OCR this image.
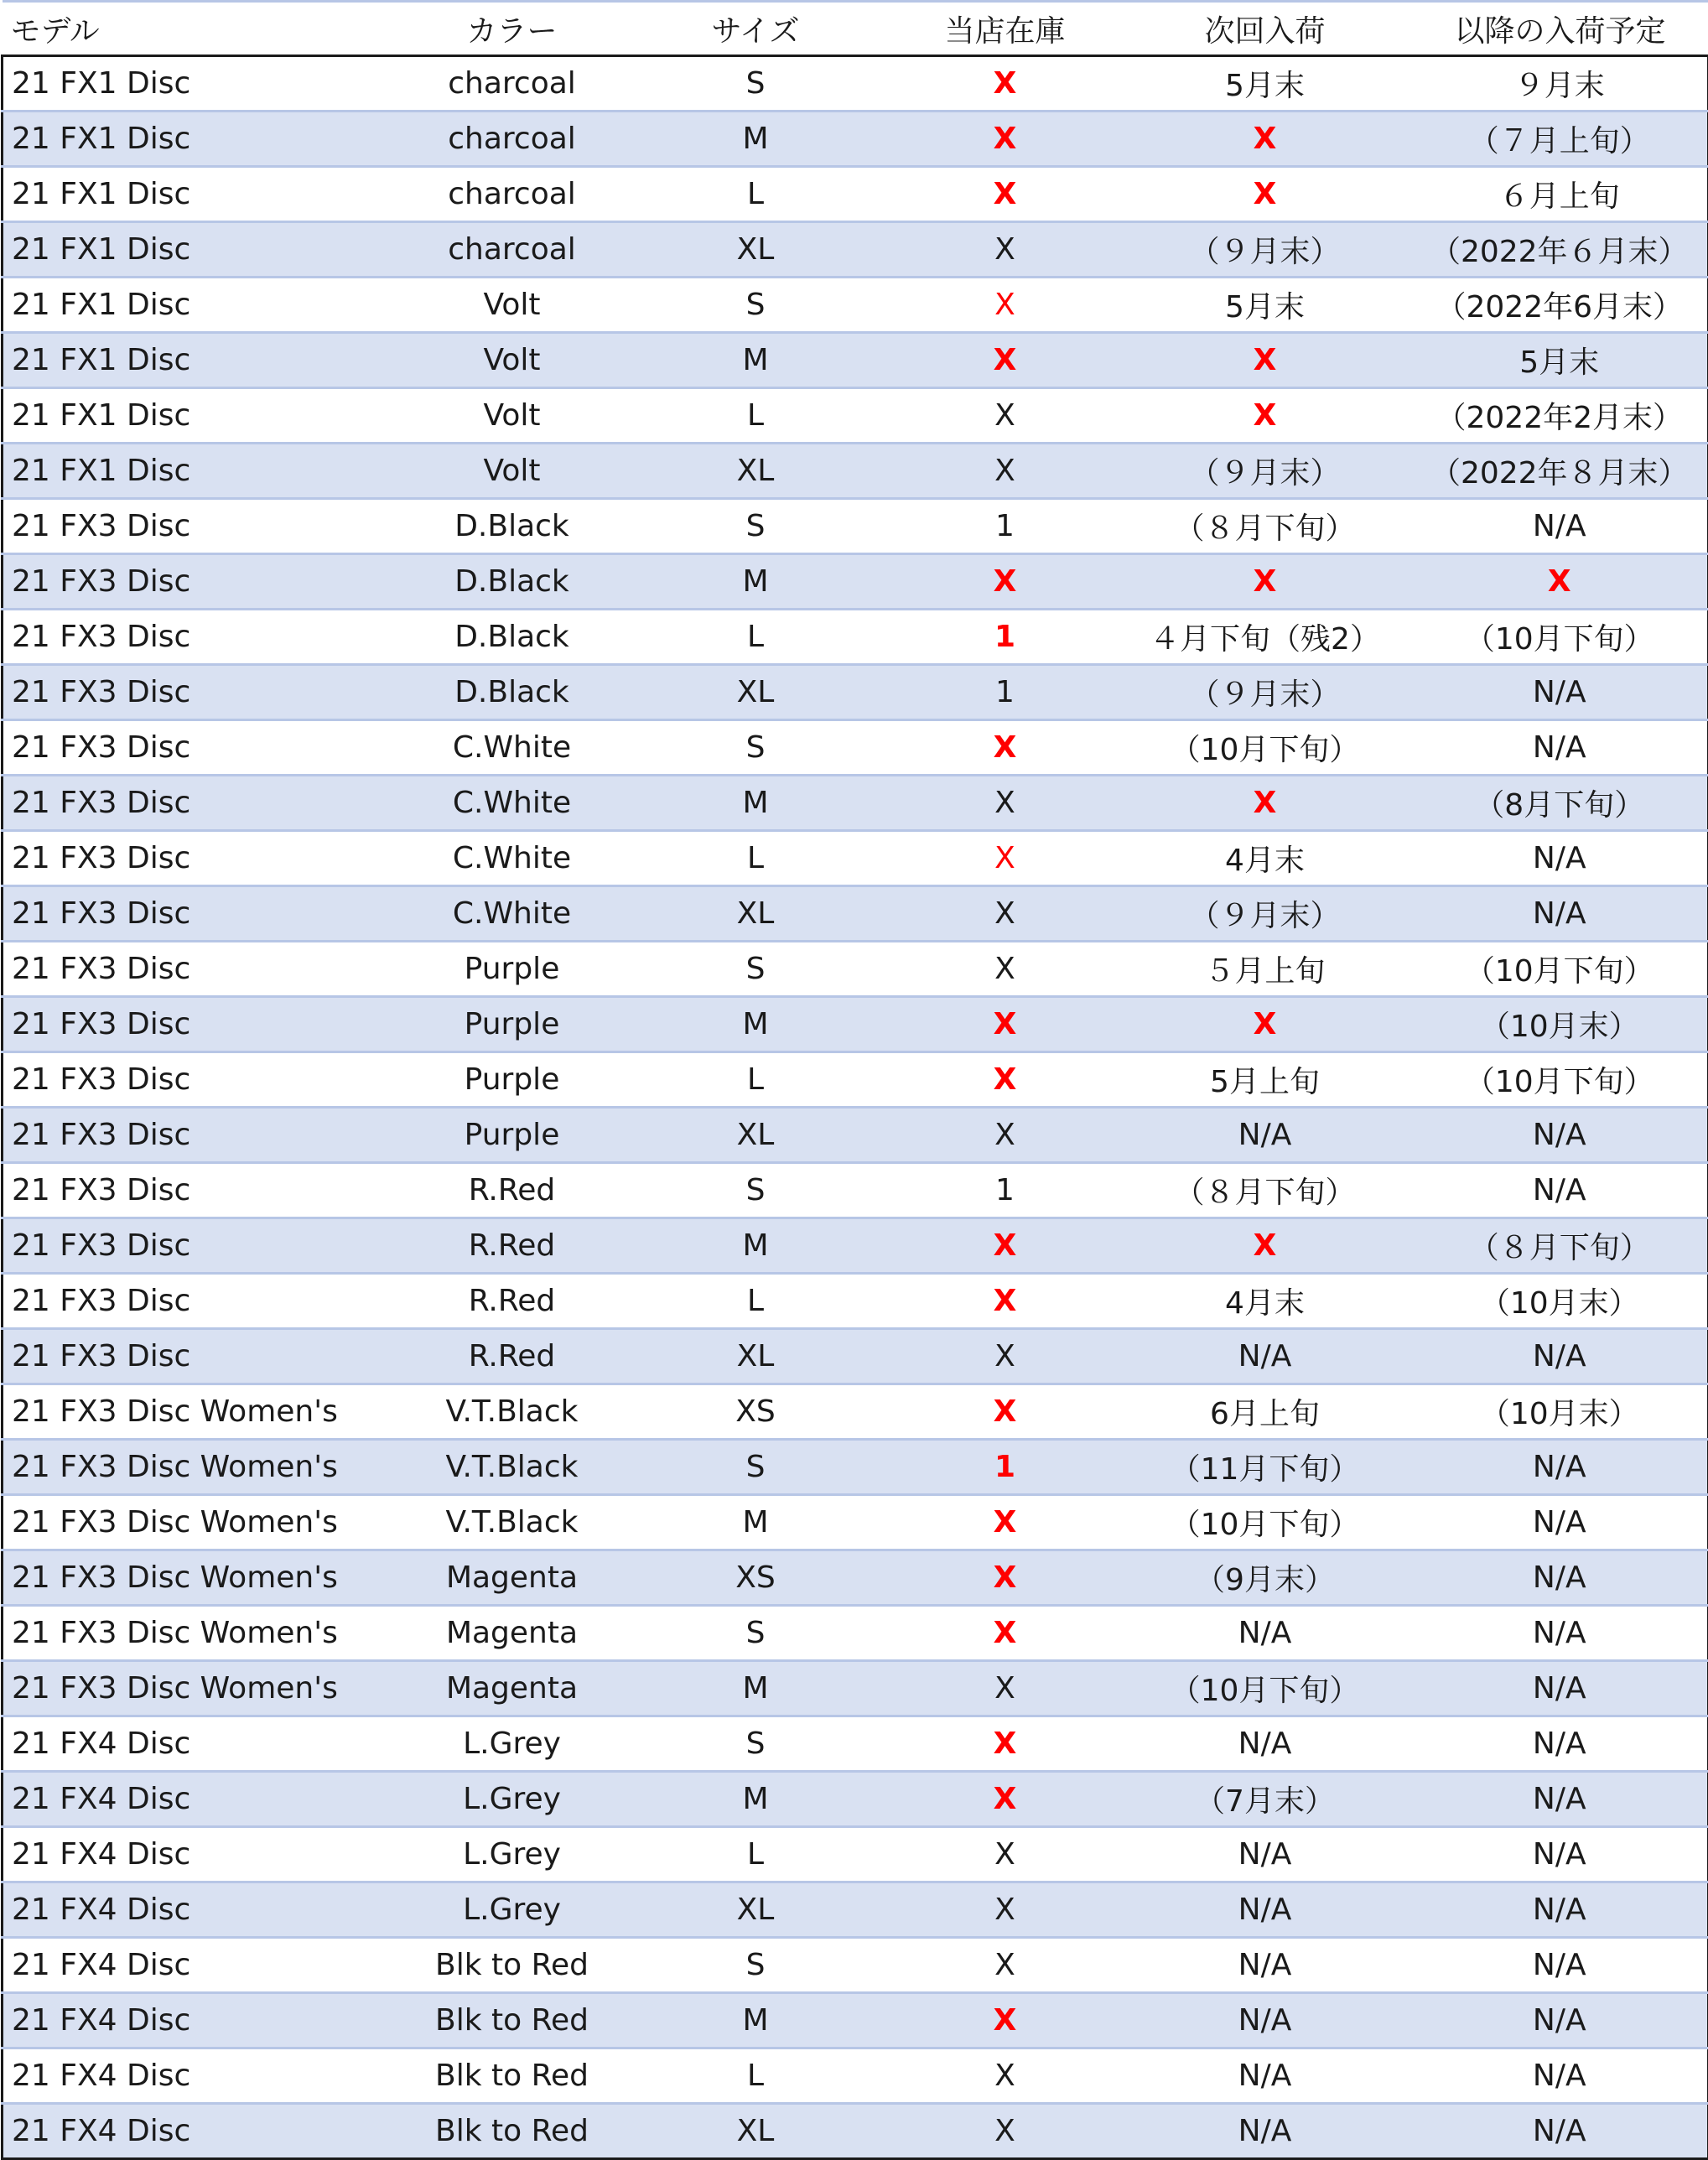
モデル	カラー	サイズ	当店在庫	次回入荷	以降の入荷予定
21 FX1 Disc	charcoal	S	X	5月末	９月末
21 FX1 Disc	charcoal	M	X	X	（７月上旬）
21 FX1 Disc	charcoal	L	X	X	６月上旬
21 FX1 Disc	charcoal	XL	X	（９月末）	（2022年６月末）
21 FX1 Disc	Volt	S	X	5月末	（2022年6月末）
21 FX1 Disc	Volt	M	X	X	5月末
21 FX1 Disc	Volt	L	X	X	（2022年2月末）
21 FX1 Disc	Volt	XL	X	（９月末）	（2022年８月末）
21 FX3 Disc	D.Black	S	1	（８月下旬）	N/A
21 FX3 Disc	D.Black	M	X	X	X
21 FX3 Disc	D.Black	L	1	４月下旬（残2）	（10月下旬）
21 FX3 Disc	D.Black	XL	1	（９月末）	N/A
21 FX3 Disc	C.White	S	X	（10月下旬）	N/A
21 FX3 Disc	C.White	M	X	X	（8月下旬）
21 FX3 Disc	C.White	L	X	4月末	N/A
21 FX3 Disc	C.White	XL	X	（９月末）	N/A
21 FX3 Disc	Purple	S	X	５月上旬	（10月下旬）
21 FX3 Disc	Purple	M	X	X	（10月末）
21 FX3 Disc	Purple	L	X	5月上旬	（10月下旬）
21 FX3 Disc	Purple	XL	X	N/A	N/A
21 FX3 Disc	R.Red	S	1	（８月下旬）	N/A
21 FX3 Disc	R.Red	M	X	X	（８月下旬）
21 FX3 Disc	R.Red	L	X	4月末	（10月末）
21 FX3 Disc	R.Red	XL	X	N/A	N/A
21 FX3 Disc Women's	V.T.Black	XS	X	6月上旬	（10月末）
21 FX3 Disc Women's	V.T.Black	S	1	（11月下旬）	N/A
21 FX3 Disc Women's	V.T.Black	M	X	（10月下旬）	N/A
21 FX3 Disc Women's	Magenta	XS	X	（9月末）	N/A
21 FX3 Disc Women's	Magenta	S	X	N/A	N/A
21 FX3 Disc Women's	Magenta	M	X	（10月下旬）	N/A
21 FX4 Disc	L.Grey	S	X	N/A	N/A
21 FX4 Disc	L.Grey	M	X	（7月末）	N/A
21 FX4 Disc	L.Grey	L	X	N/A	N/A
21 FX4 Disc	L.Grey	XL	X	N/A	N/A
21 FX4 Disc	Blk to Red	S	X	N/A	N/A
21 FX4 Disc	Blk to Red	M	X	N/A	N/A
21 FX4 Disc	Blk to Red	L	X	N/A	N/A
21 FX4 Disc	Blk to Red	XL	X	N/A	N/A
